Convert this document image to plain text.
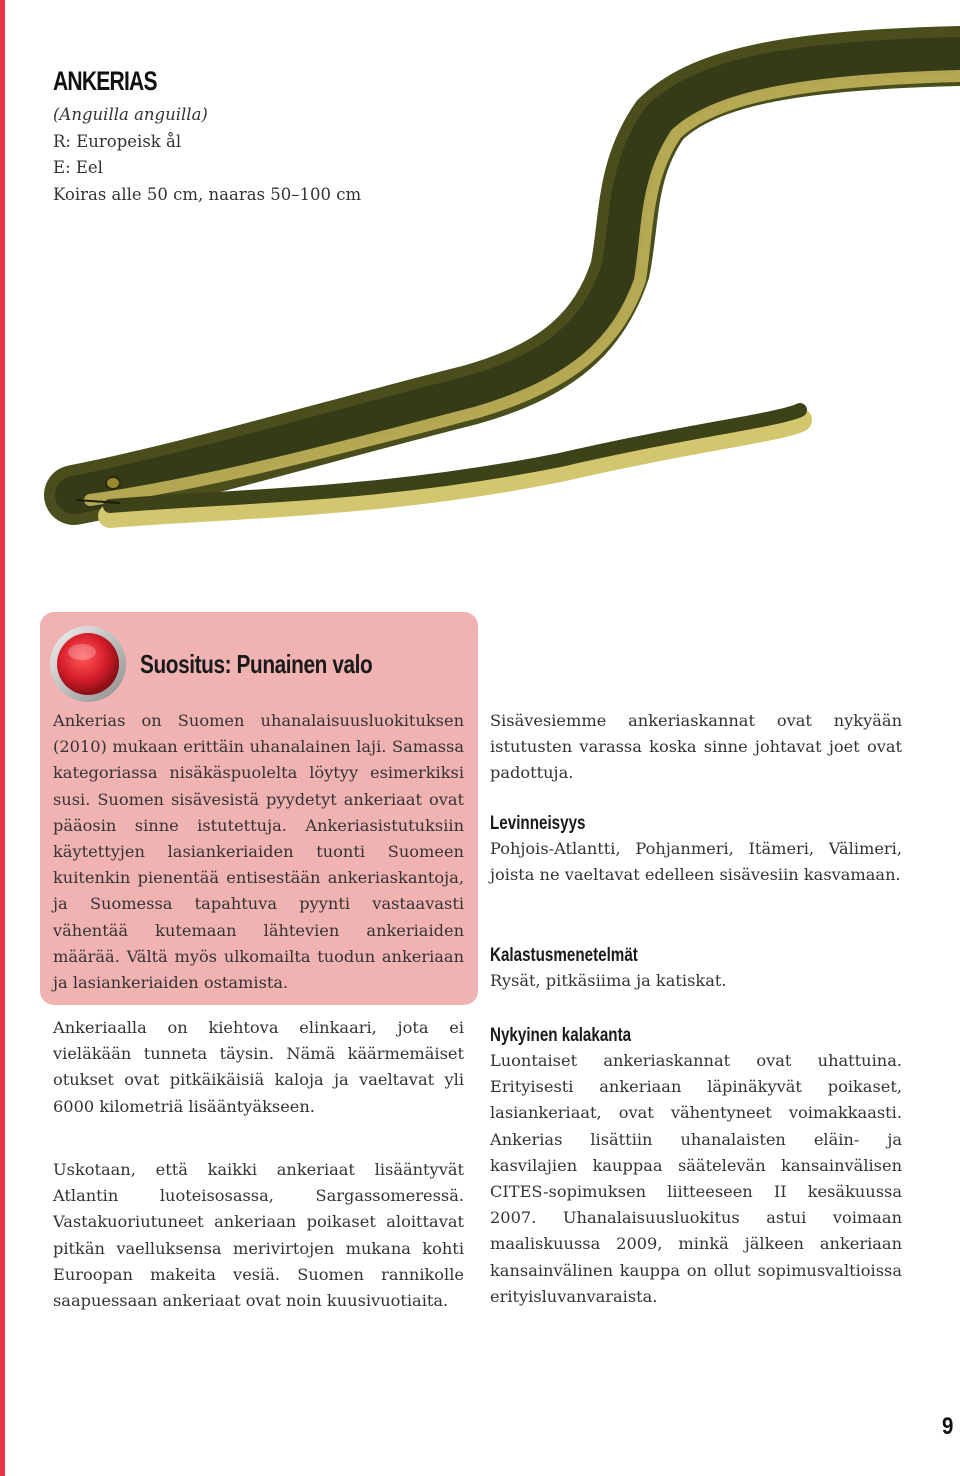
ANKERIAS
(Anguilla anguilla)
R: Europeisk ål
E: Eel
Koiras alle 50 cm, naaras 50–100 cm
Suositus: Punainen valo

Ankerias on Suomen uhanalaisuusluokituksen (2010) mukaan erittäin uhanalainen laji. Samassa kategoriassa nisäkäspuolelta löytyy esimerkiksi susi. Suomen sisävesistä pyydetyt ankeriaat ovat pääosin sinne istutettuja. Ankeriasistutuksiin käytettyjen lasiankeriaiden tuonti Suomeen kuitenkin pienentää entisestään ankeriaskantoja, ja Suomessa tapahtuva pyynti vastaavasti vähentää kutemaan lähtevien ankeriaiden määrää. Vältä myös ulkomailta tuodun ankeriaan ja lasiankeriaiden ostamista.

Ankeriaalla on kiehtova elinkaari, jota ei vieläkään tunneta täysin. Nämä käärmemäiset otukset ovat pitkäikäisiä kaloja ja vaeltavat yli 6000 kilometriä lisääntyäkseen.

Uskotaan, että kaikki ankeriaat lisääntyvät Atlantin luoteisosassa, Sargassomeressä. Vastakuoriutuneet ankeriaan poikaset aloittavat pitkän vaelluksensa merivirtojen mukana kohti Euroopan makeita vesiä. Suomen rannikolle saapuessaan ankeriaat ovat noin kuusivuotiaita.

Sisävesiemme ankeriaskannat ovat nykyään istutusten varassa koska sinne johtavat joet ovat padottuja.

Levinneisyys
Pohjois-Atlantti, Pohjanmeri, Itämeri, Välimeri, joista ne vaeltavat edelleen sisävesiin kasvamaan.
Kalastusmenetelmät
Rysät, pitkäsiima ja katiskat.
Nykyinen kalakanta
Luontaiset ankeriaskannat ovat uhattuina. Erityisesti ankeriaan läpinäkyvät poikaset, lasiankeriaat, ovat vähentyneet voimakkaasti. Ankerias lisättiin uhanalaisten eläin- ja kasvilajien kauppaa säätelevän kansainvälisen CITES-sopimuksen liitteeseen II kesäkuussa 2007. Uhanalaisuusluokitus astui voimaan maaliskuussa 2009, minkä jälkeen ankeriaan kansainvälinen kauppa on ollut sopimusvaltioissa erityisluvanvaraista.
9
